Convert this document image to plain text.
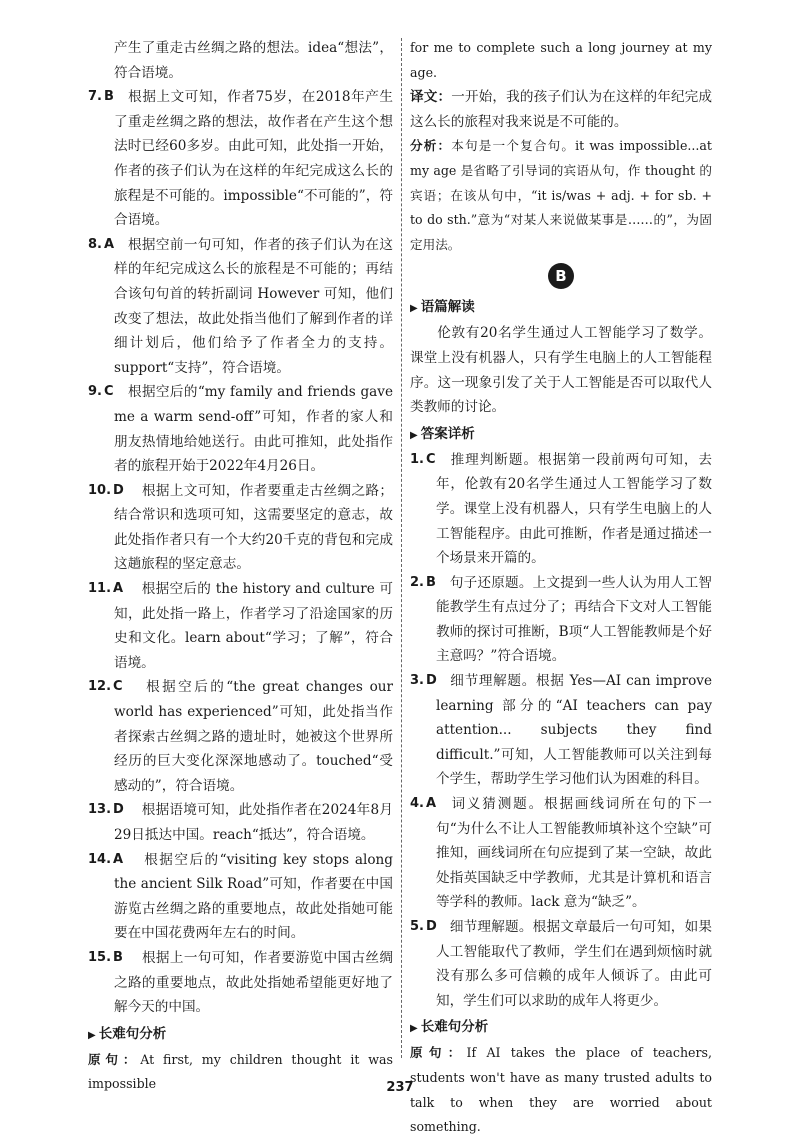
产生了重走古丝绸之路的想法。idea“想法”，符合语境。

7. B
　 根据上文可知，作者75岁，在2018年产生了重走丝绸之路的想法，故作者在产生这个想法时已经60多岁。由此可知，此处指一开始，作者的孩子们认为在这样的年纪完成这么长的旅程是不可能的。impossible“不可能的”，符合语境。

8. A
　 根据空前一句可知，作者的孩子们认为在这样的年纪完成这么长的旅程是不可能的；再结合该句句首的转折副词 However 可知，他们改变了想法，故此处指当他们了解到作者的详细计划后，他们给予了作者全力的支持。support“支持”，符合语境。

9. C
　 根据空后的“my family and friends gave me a warm send-off”可知，作者的家人和朋友热情地给她送行。由此可推知，此处指作者的旅程开始于2022年4月26日。

10. D
　　 根据上文可知，作者要重走古丝绸之路；结合常识和选项可知，这需要坚定的意志，故此处指作者只有一个大约20千克的背包和完成这趟旅程的坚定意志。

11. A
　　 根据空后的 the history and culture 可知，此处指一路上，作者学习了沿途国家的历史和文化。learn about“学习；了解”，符合语境。

12. C
　　 根据空后的“the great changes our world has experienced”可知，此处指当作者探索古丝绸之路的遗址时，她被这个世界所经历的巨大变化深深地感动了。touched“受感动的”，符合语境。

13. D
　　 根据语境可知，此处指作者在2024年8月29日抵达中国。reach“抵达”，符合语境。

14. A
　　 根据空后的“visiting key stops along the ancient Silk Road”可知，作者要在中国游览古丝绸之路的重要地点，故此处指她可能要在中国花费两年左右的时间。

15. B
　　 根据上一句可知，作者要游览中国古丝绸之路的重要地点，故此处指她希望能更好地了解今天的中国。

▶ 长难句分析

原句：At first, my children thought it was impossible

for me to complete such a long journey at my age.

译文：一开始，我的孩子们认为在这样的年纪完成这么长的旅程对我来说是不可能的。

分析：本句是一个复合句。it was impossible...at my age 是省略了引导词的宾语从句，作 thought 的宾语；在该从句中，“it is/was + adj. + for sb. + to do sth.”意为“对某人来说做某事是……的”，为固定用法。

B

▶ 语篇解读

伦敦有20名学生通过人工智能学习了数学。课堂上没有机器人，只有学生电脑上的人工智能程序。这一现象引发了关于人工智能是否可以取代人类教师的讨论。

▶ 答案详析

1. C
　 推理判断题。根据第一段前两句可知，去年，伦敦有20名学生通过人工智能学习了数学。课堂上没有机器人，只有学生电脑上的人工智能程序。由此可推断，作者是通过描述一个场景来开篇的。

2. B
　 句子还原题。上文提到一些人认为用人工智能教学生有点过分了；再结合下文对人工智能教师的探讨可推断，B项“人工智能教师是个好主意吗？”符合语境。

3. D
　 细节理解题。根据 Yes—AI can improve learning 部分的“AI teachers can pay attention... subjects they find difficult.”可知，人工智能教师可以关注到每个学生，帮助学生学习他们认为困难的科目。

4. A
　 词义猜测题。根据画线词所在句的下一句“为什么不让人工智能教师填补这个空缺”可推知，画线词所在句应提到了某一空缺，故此处指英国缺乏中学教师，尤其是计算机和语言等学科的教师。lack 意为“缺乏”。

5. D
　 细节理解题。根据文章最后一句可知，如果人工智能取代了教师，学生们在遇到烦恼时就没有那么多可信赖的成年人倾诉了。由此可知，学生们可以求助的成年人将更少。

▶ 长难句分析

原句：If AI takes the place of teachers, students won't have as many trusted adults to talk to when they are worried about something.

237
